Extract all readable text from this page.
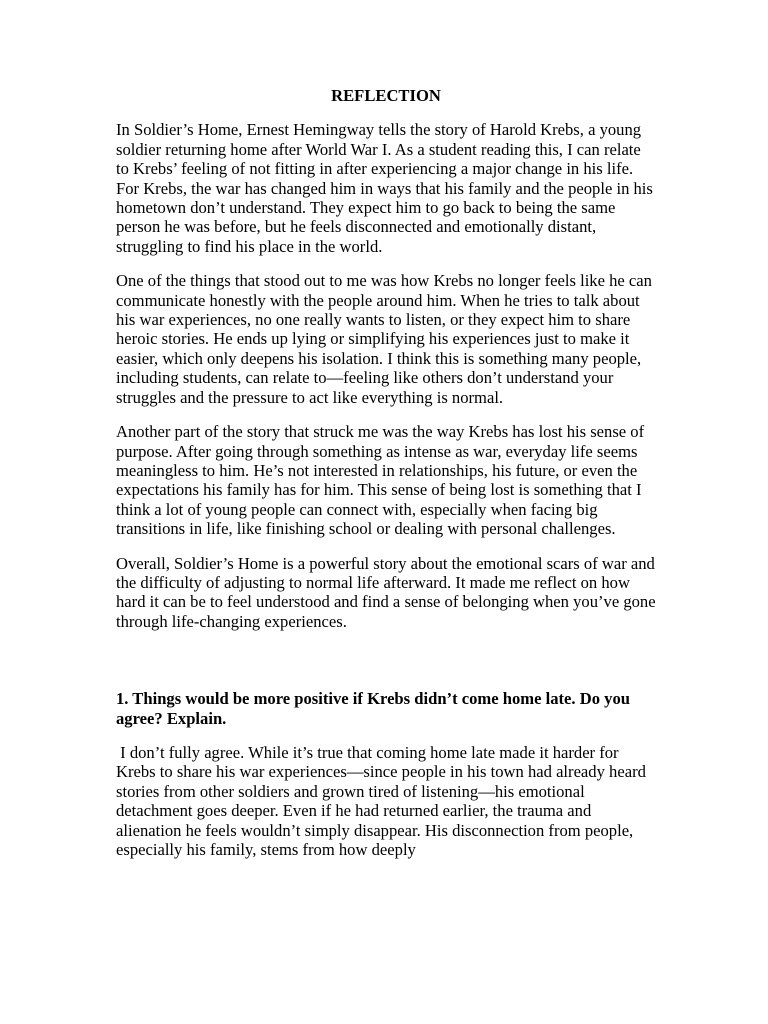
REFLECTION

In Soldier’s Home, Ernest Hemingway tells the story of Harold Krebs, a young soldier returning home after World War I. As a student reading this, I can relate to Krebs’ feeling of not fitting in after experiencing a major change in his life. For Krebs, the war has changed him in ways that his family and the people in his hometown don’t understand. They expect him to go back to being the same person he was before, but he feels disconnected and emotionally distant, struggling to find his place in the world.

One of the things that stood out to me was how Krebs no longer feels like he can communicate honestly with the people around him. When he tries to talk about his war experiences, no one really wants to listen, or they expect him to share heroic stories. He ends up lying or simplifying his experiences just to make it easier, which only deepens his isolation. I think this is something many people, including students, can relate to—feeling like others don’t understand your struggles and the pressure to act like everything is normal.

Another part of the story that struck me was the way Krebs has lost his sense of purpose. After going through something as intense as war, everyday life seems meaningless to him. He’s not interested in relationships, his future, or even the expectations his family has for him. This sense of being lost is something that I think a lot of young people can connect with, especially when facing big transitions in life, like finishing school or dealing with personal challenges.

Overall, Soldier’s Home is a powerful story about the emotional scars of war and the difficulty of adjusting to normal life afterward. It made me reflect on how hard it can be to feel understood and find a sense of belonging when you’ve gone through life-changing experiences.

1. Things would be more positive if Krebs didn’t come home late. Do you agree? Explain.

I don’t fully agree. While it’s true that coming home late made it harder for Krebs to share his war experiences—since people in his town had already heard stories from other soldiers and grown tired of listening—his emotional detachment goes deeper. Even if he had returned earlier, the trauma and alienation he feels wouldn’t simply disappear. His disconnection from people, especially his family, stems from how deeply
